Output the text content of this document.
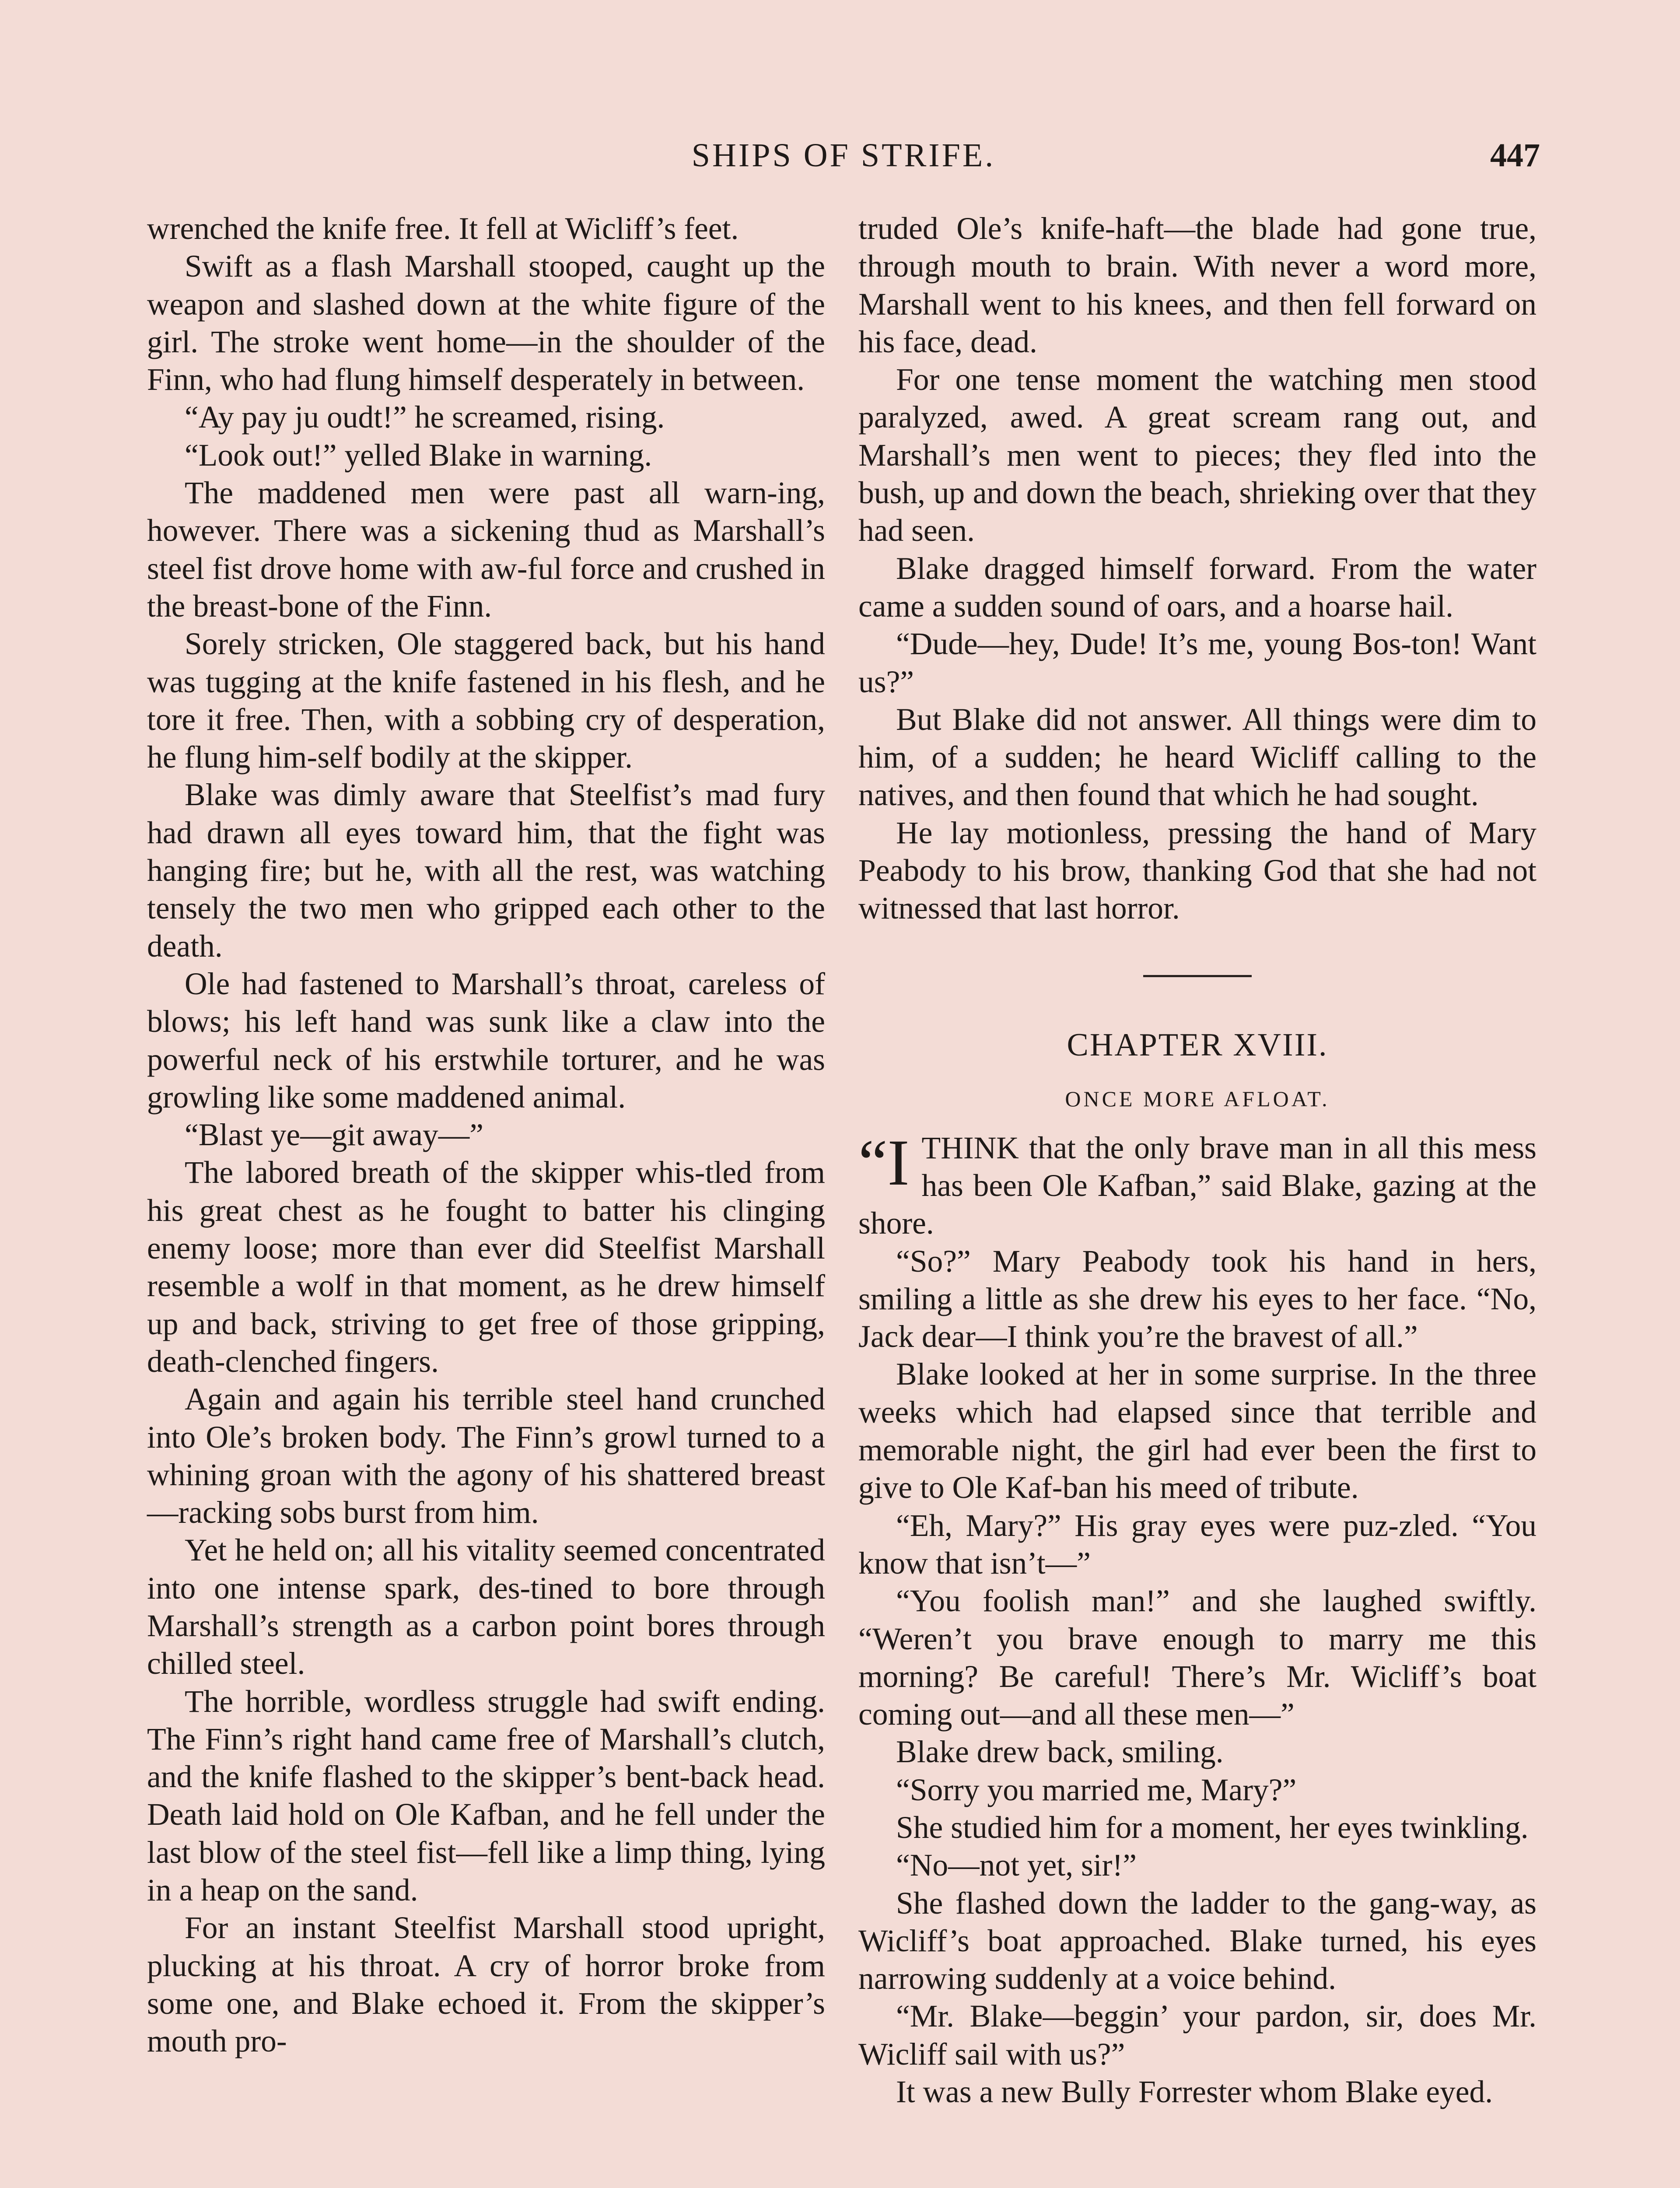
SHIPS OF STRIFE.	447

wrenched the knife free. It fell at Wicliff’s feet.

Swift as a flash Marshall stooped, caught up the weapon and slashed down at the white figure of the girl. The stroke went home—in the shoulder of the Finn, who had flung himself desperately in between.

“Ay pay ju oudt!” he screamed, rising.

“Look out!” yelled Blake in warning.

The maddened men were past all warn-ing, however. There was a sickening thud as Marshall’s steel fist drove home with aw-ful force and crushed in the breast-bone of the Finn.

Sorely stricken, Ole staggered back, but his hand was tugging at the knife fastened in his flesh, and he tore it free. Then, with a sobbing cry of desperation, he flung him-self bodily at the skipper.

Blake was dimly aware that Steelfist’s mad fury had drawn all eyes toward him, that the fight was hanging fire; but he, with all the rest, was watching tensely the two men who gripped each other to the death.

Ole had fastened to Marshall’s throat, careless of blows; his left hand was sunk like a claw into the powerful neck of his erstwhile torturer, and he was growling like some maddened animal.

“Blast ye—git away—”

The labored breath of the skipper whis-tled from his great chest as he fought to batter his clinging enemy loose; more than ever did Steelfist Marshall resemble a wolf in that moment, as he drew himself up and back, striving to get free of those gripping, death-clenched fingers.

Again and again his terrible steel hand crunched into Ole’s broken body. The Finn’s growl turned to a whining groan with the agony of his shattered breast—racking sobs burst from him.

Yet he held on; all his vitality seemed concentrated into one intense spark, des-tined to bore through Marshall’s strength as a carbon point bores through chilled steel.

The horrible, wordless struggle had swift ending. The Finn’s right hand came free of Marshall’s clutch, and the knife flashed to the skipper’s bent-back head. Death laid hold on Ole Kafban, and he fell under the last blow of the steel fist—fell like a limp thing, lying in a heap on the sand.

For an instant Steelfist Marshall stood upright, plucking at his throat. A cry of horror broke from some one, and Blake echoed it. From the skipper’s mouth pro-

truded Ole’s knife-haft—the blade had gone true, through mouth to brain. With never a word more, Marshall went to his knees, and then fell forward on his face, dead.

For one tense moment the watching men stood paralyzed, awed. A great scream rang out, and Marshall’s men went to pieces; they fled into the bush, up and down the beach, shrieking over that they had seen.

Blake dragged himself forward. From the water came a sudden sound of oars, and a hoarse hail.

“Dude—hey, Dude! It’s me, young Bos-ton! Want us?”

But Blake did not answer. All things were dim to him, of a sudden; he heard Wicliff calling to the natives, and then found that which he had sought.

He lay motionless, pressing the hand of Mary Peabody to his brow, thanking God that she had not witnessed that last horror.

CHAPTER XVIII.
ONCE MORE AFLOAT.

“ITHINK that the only brave man in all this mess has been Ole Kafban,” said Blake, gazing at the shore.

“So?” Mary Peabody took his hand in hers, smiling a little as she drew his eyes to her face. “No, Jack dear—I think you’re the bravest of all.”

Blake looked at her in some surprise. In the three weeks which had elapsed since that terrible and memorable night, the girl had ever been the first to give to Ole Kaf-ban his meed of tribute.

“Eh, Mary?” His gray eyes were puz-zled. “You know that isn’t—”

“You foolish man!” and she laughed swiftly. “Weren’t you brave enough to marry me this morning? Be careful! There’s Mr. Wicliff’s boat coming out—and all these men—”

Blake drew back, smiling.

“Sorry you married me, Mary?”

She studied him for a moment, her eyes twinkling.

“No—not yet, sir!”

She flashed down the ladder to the gang-way, as Wicliff’s boat approached. Blake turned, his eyes narrowing suddenly at a voice behind.

“Mr. Blake—beggin’ your pardon, sir, does Mr. Wicliff sail with us?”

It was a new Bully Forrester whom Blake eyed.
